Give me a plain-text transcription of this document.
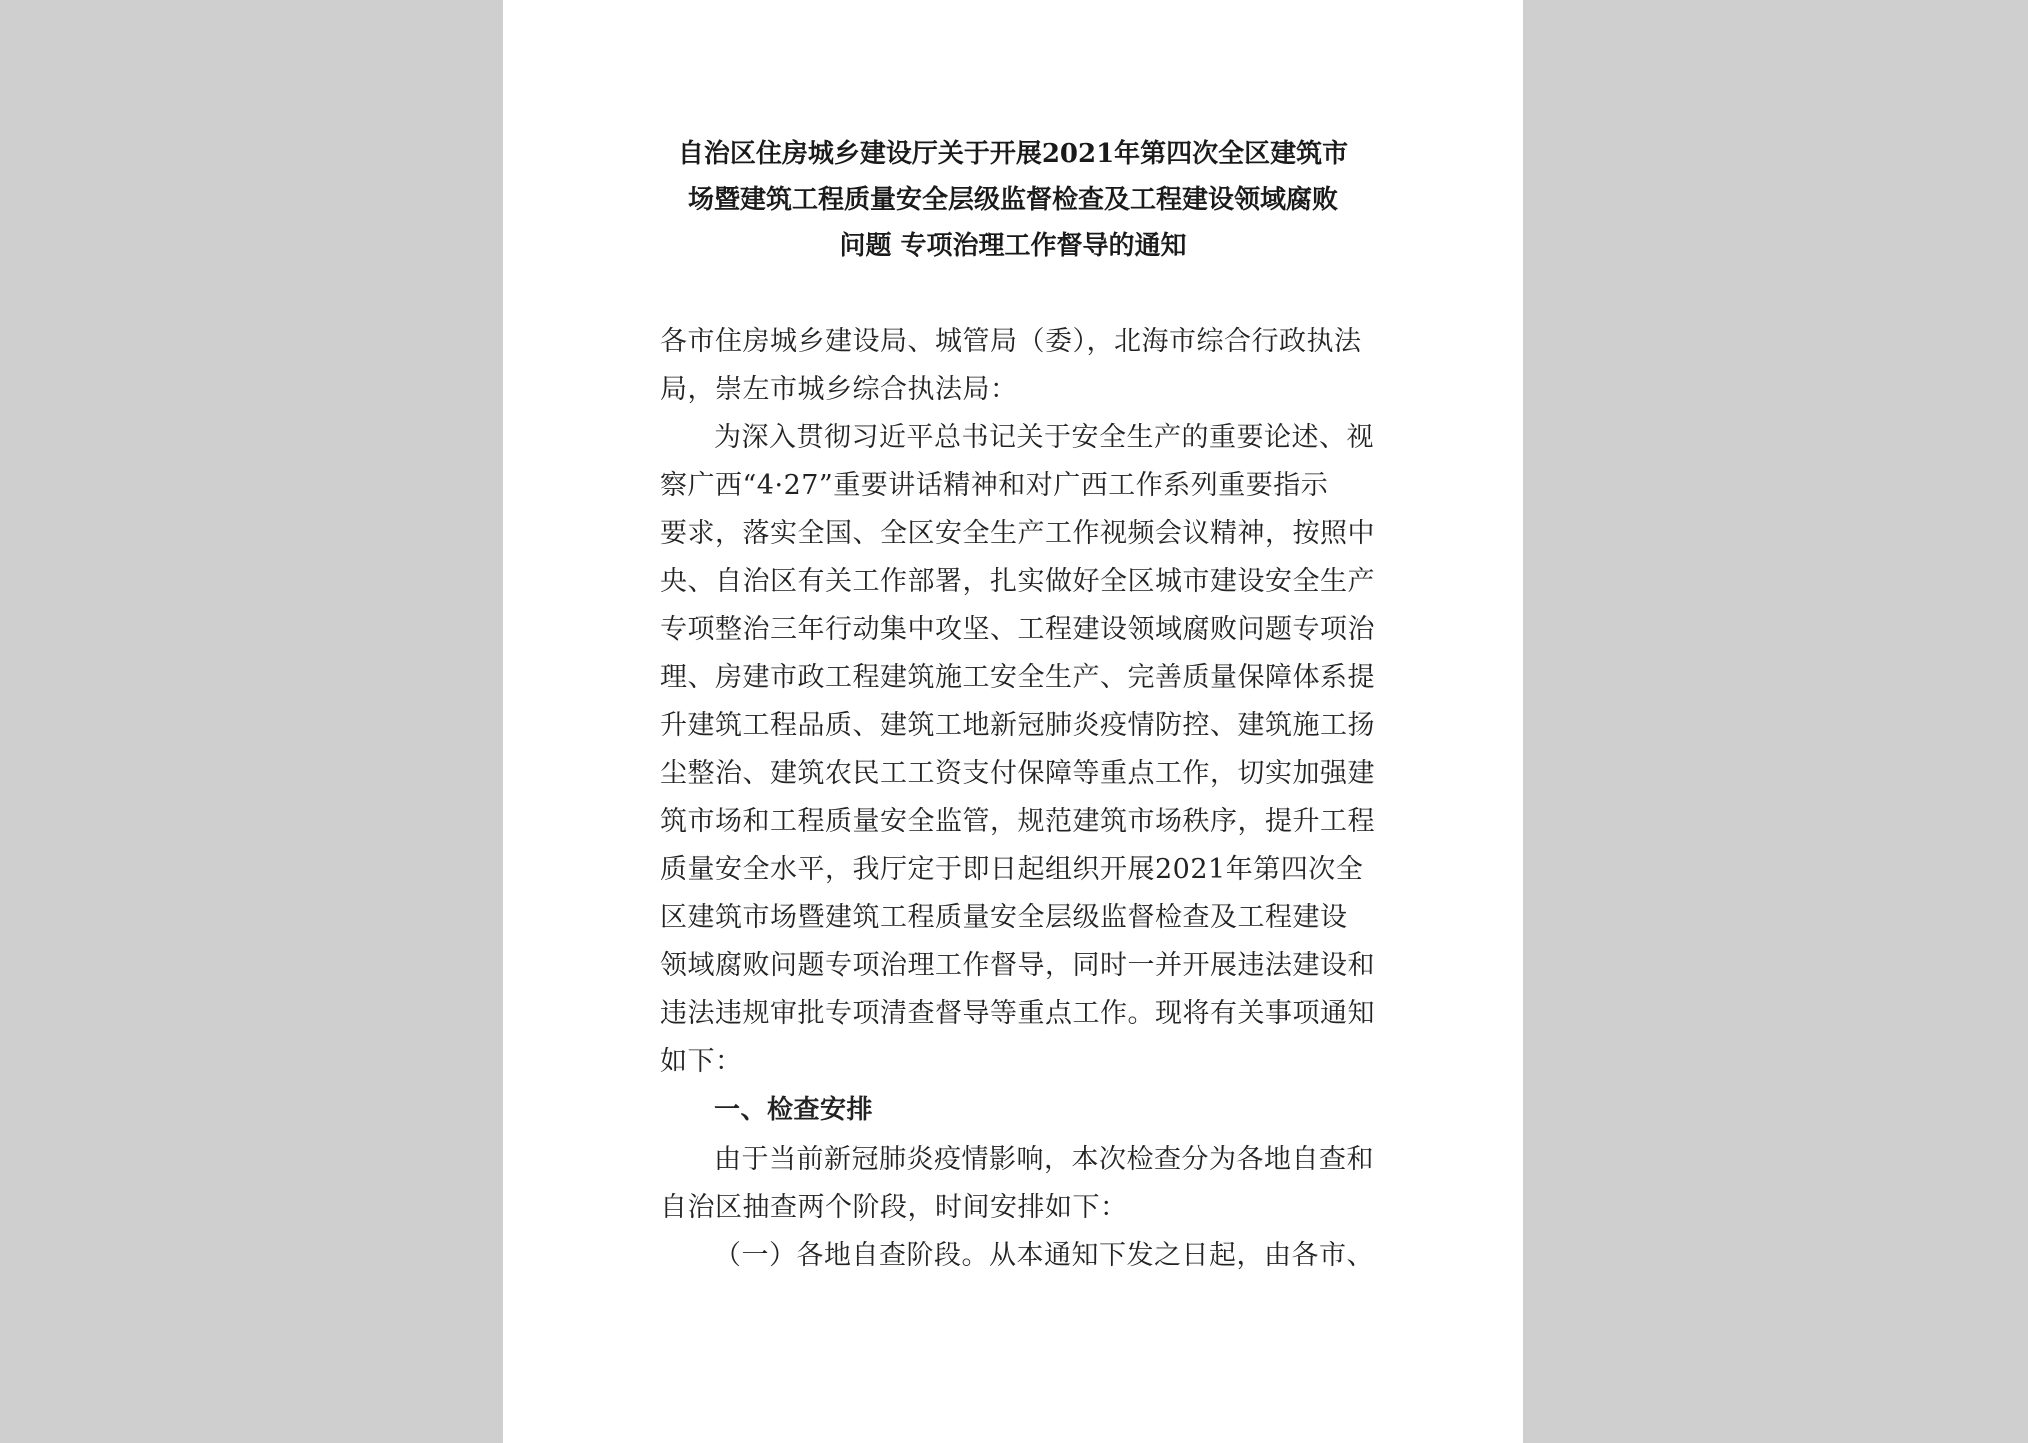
自治区住房城乡建设厅关于开展2021年第四次全区建筑市
场暨建筑工程质量安全层级监督检查及工程建设领域腐败
问题 专项治理工作督导的通知
各市住房城乡建设局、城管局（委），北海市综合行政执法
局，崇左市城乡综合执法局：
为深入贯彻习近平总书记关于安全生产的重要论述、视
察广西“4·27”重要讲话精神和对广西工作系列重要指示
要求，落实全国、全区安全生产工作视频会议精神，按照中
央、自治区有关工作部署，扎实做好全区城市建设安全生产
专项整治三年行动集中攻坚、工程建设领域腐败问题专项治
理、房建市政工程建筑施工安全生产、完善质量保障体系提
升建筑工程品质、建筑工地新冠肺炎疫情防控、建筑施工扬
尘整治、建筑农民工工资支付保障等重点工作，切实加强建
筑市场和工程质量安全监管，规范建筑市场秩序，提升工程
质量安全水平，我厅定于即日起组织开展2021年第四次全
区建筑市场暨建筑工程质量安全层级监督检查及工程建设
领域腐败问题专项治理工作督导，同时一并开展违法建设和
违法违规审批专项清查督导等重点工作。现将有关事项通知
如下：
一、检查安排
由于当前新冠肺炎疫情影响，本次检查分为各地自查和
自治区抽查两个阶段，时间安排如下：
（一）各地自查阶段。从本通知下发之日起，由各市、
